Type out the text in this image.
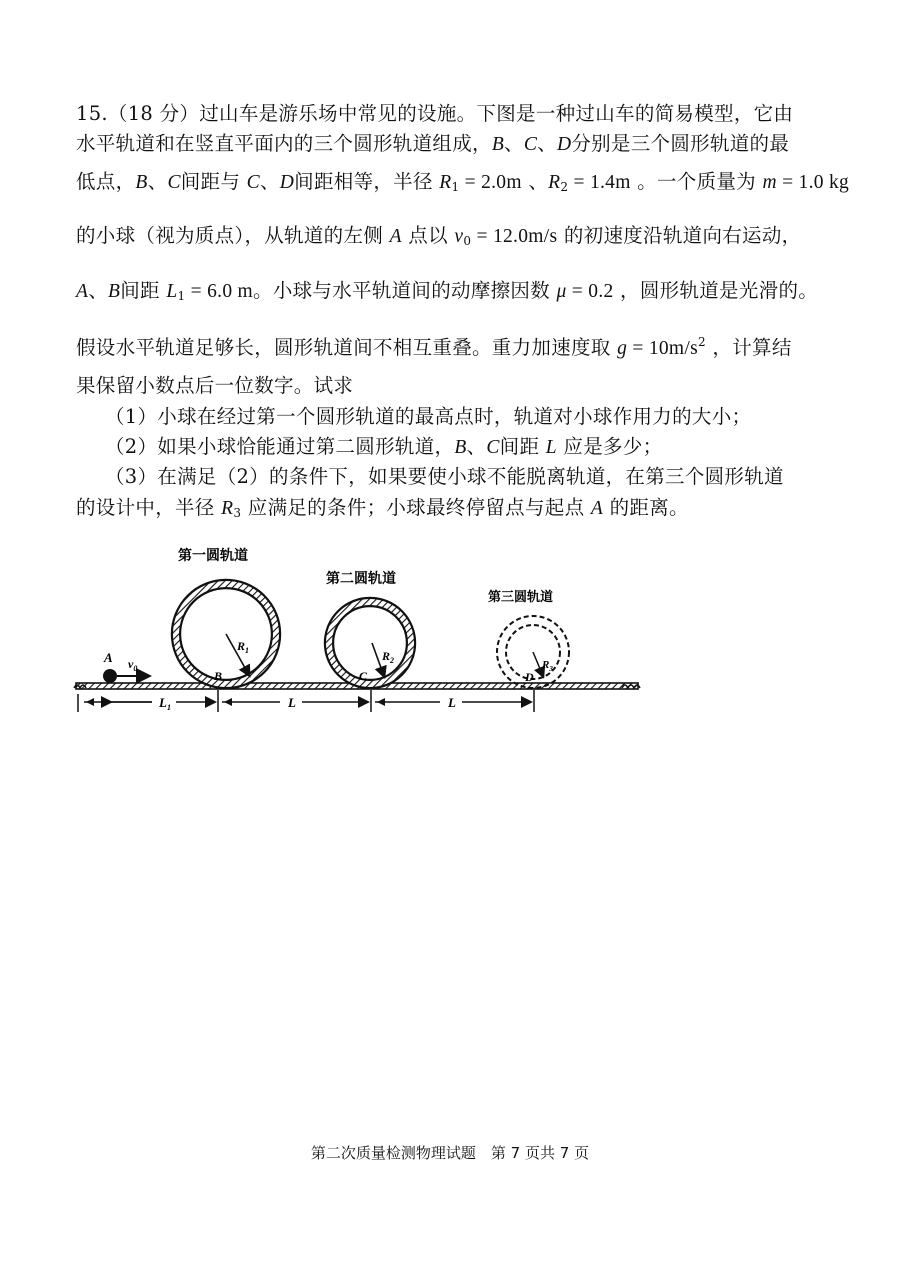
15.（18 分）过山车是游乐场中常见的设施。下图是一种过山车的简易模型，它由
水平轨道和在竖直平面内的三个圆形轨道组成，B、C、D分别是三个圆形轨道的最
低点，B、C间距与 C、D间距相等，半径 $R_1 = 2.0m$ 、$R_2 = 1.4m$ 。一个质量为 m = 1.0 kg
的小球（视为质点），从轨道的左侧 A 点以 $v_0 = 12.0m/s$ 的初速度沿轨道向右运动，
A、B间距 $L_1 = 6.0$ m。小球与水平轨道间的动摩擦因数 μ = 0.2 ，圆形轨道是光滑的。
假设水平轨道足够长，圆形轨道间不相互重叠。重力加速度取 $g = 10m/s^2$ ，计算结
果保留小数点后一位数字。试求
（1）小球在经过第一个圆形轨道的最高点时，轨道对小球作用力的大小；
（2）如果小球恰能通过第二圆形轨道，B、C间距 L 应是多少；
（3）在满足（2）的条件下，如果要使小球不能脱离轨道，在第三个圆形轨道
的设计中，半径 $R_3$ 应满足的条件；小球最终停留点与起点 A 的距离。
第一圆轨道
$R_1$
第二圆轨道
$R_2$
第三圆轨道
$R_3$
A $v_0$
B	C	D
$L_1$	L	L
第二次质量检测物理试题　第 7 页共 7 页
